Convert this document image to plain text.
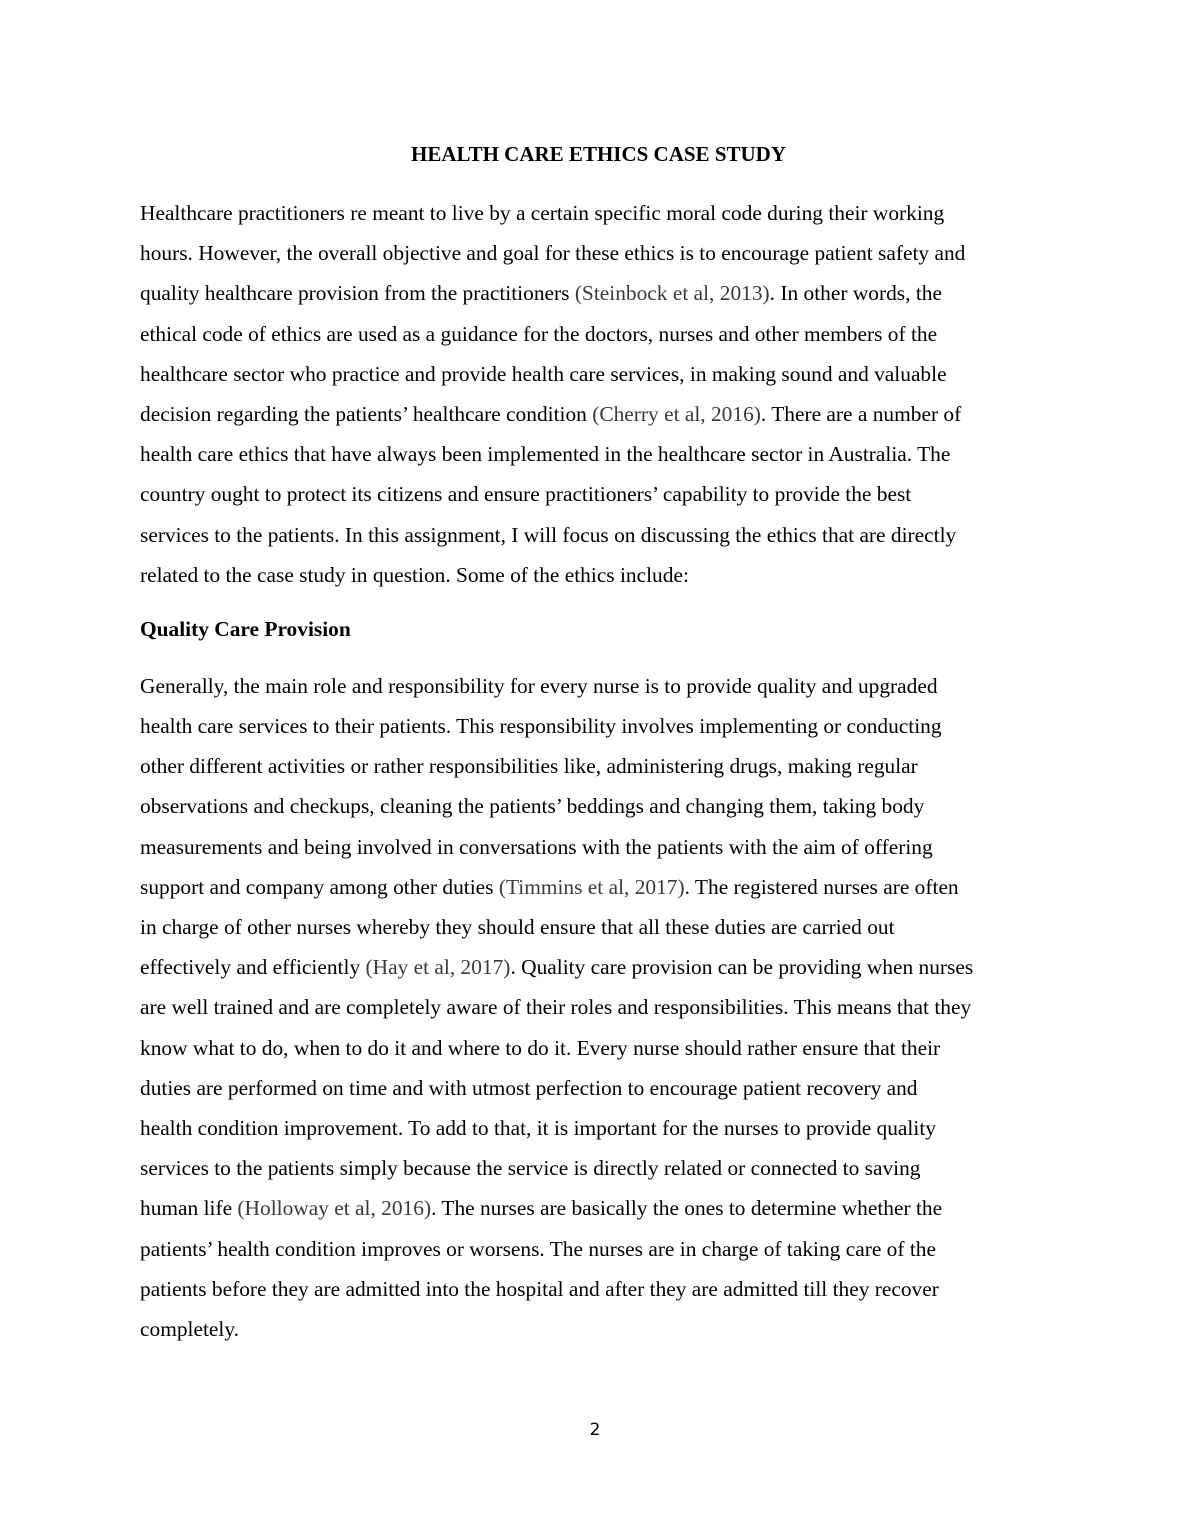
HEALTH CARE ETHICS CASE STUDY

Healthcare practitioners re meant to live by a certain specific moral code during their working
hours. However, the overall objective and goal for these ethics is to encourage patient safety and
quality healthcare provision from the practitioners (Steinbock et al, 2013). In other words, the
ethical code of ethics are used as a guidance for the doctors, nurses and other members of the
healthcare sector who practice and provide health care services, in making sound and valuable
decision regarding the patients’ healthcare condition (Cherry et al, 2016). There are a number of
health care ethics that have always been implemented in the healthcare sector in Australia. The
country ought to protect its citizens and ensure practitioners’ capability to provide the best
services to the patients. In this assignment, I will focus on discussing the ethics that are directly
related to the case study in question. Some of the ethics include:

Quality Care Provision

Generally, the main role and responsibility for every nurse is to provide quality and upgraded
health care services to their patients. This responsibility involves implementing or conducting
other different activities or rather responsibilities like, administering drugs, making regular
observations and checkups, cleaning the patients’ beddings and changing them, taking body
measurements and being involved in conversations with the patients with the aim of offering
support and company among other duties (Timmins et al, 2017). The registered nurses are often
in charge of other nurses whereby they should ensure that all these duties are carried out
effectively and efficiently (Hay et al, 2017). Quality care provision can be providing when nurses
are well trained and are completely aware of their roles and responsibilities. This means that they
know what to do, when to do it and where to do it. Every nurse should rather ensure that their
duties are performed on time and with utmost perfection to encourage patient recovery and
health condition improvement. To add to that, it is important for the nurses to provide quality
services to the patients simply because the service is directly related or connected to saving
human life (Holloway et al, 2016). The nurses are basically the ones to determine whether the
patients’ health condition improves or worsens. The nurses are in charge of taking care of the
patients before they are admitted into the hospital and after they are admitted till they recover
completely.

2
